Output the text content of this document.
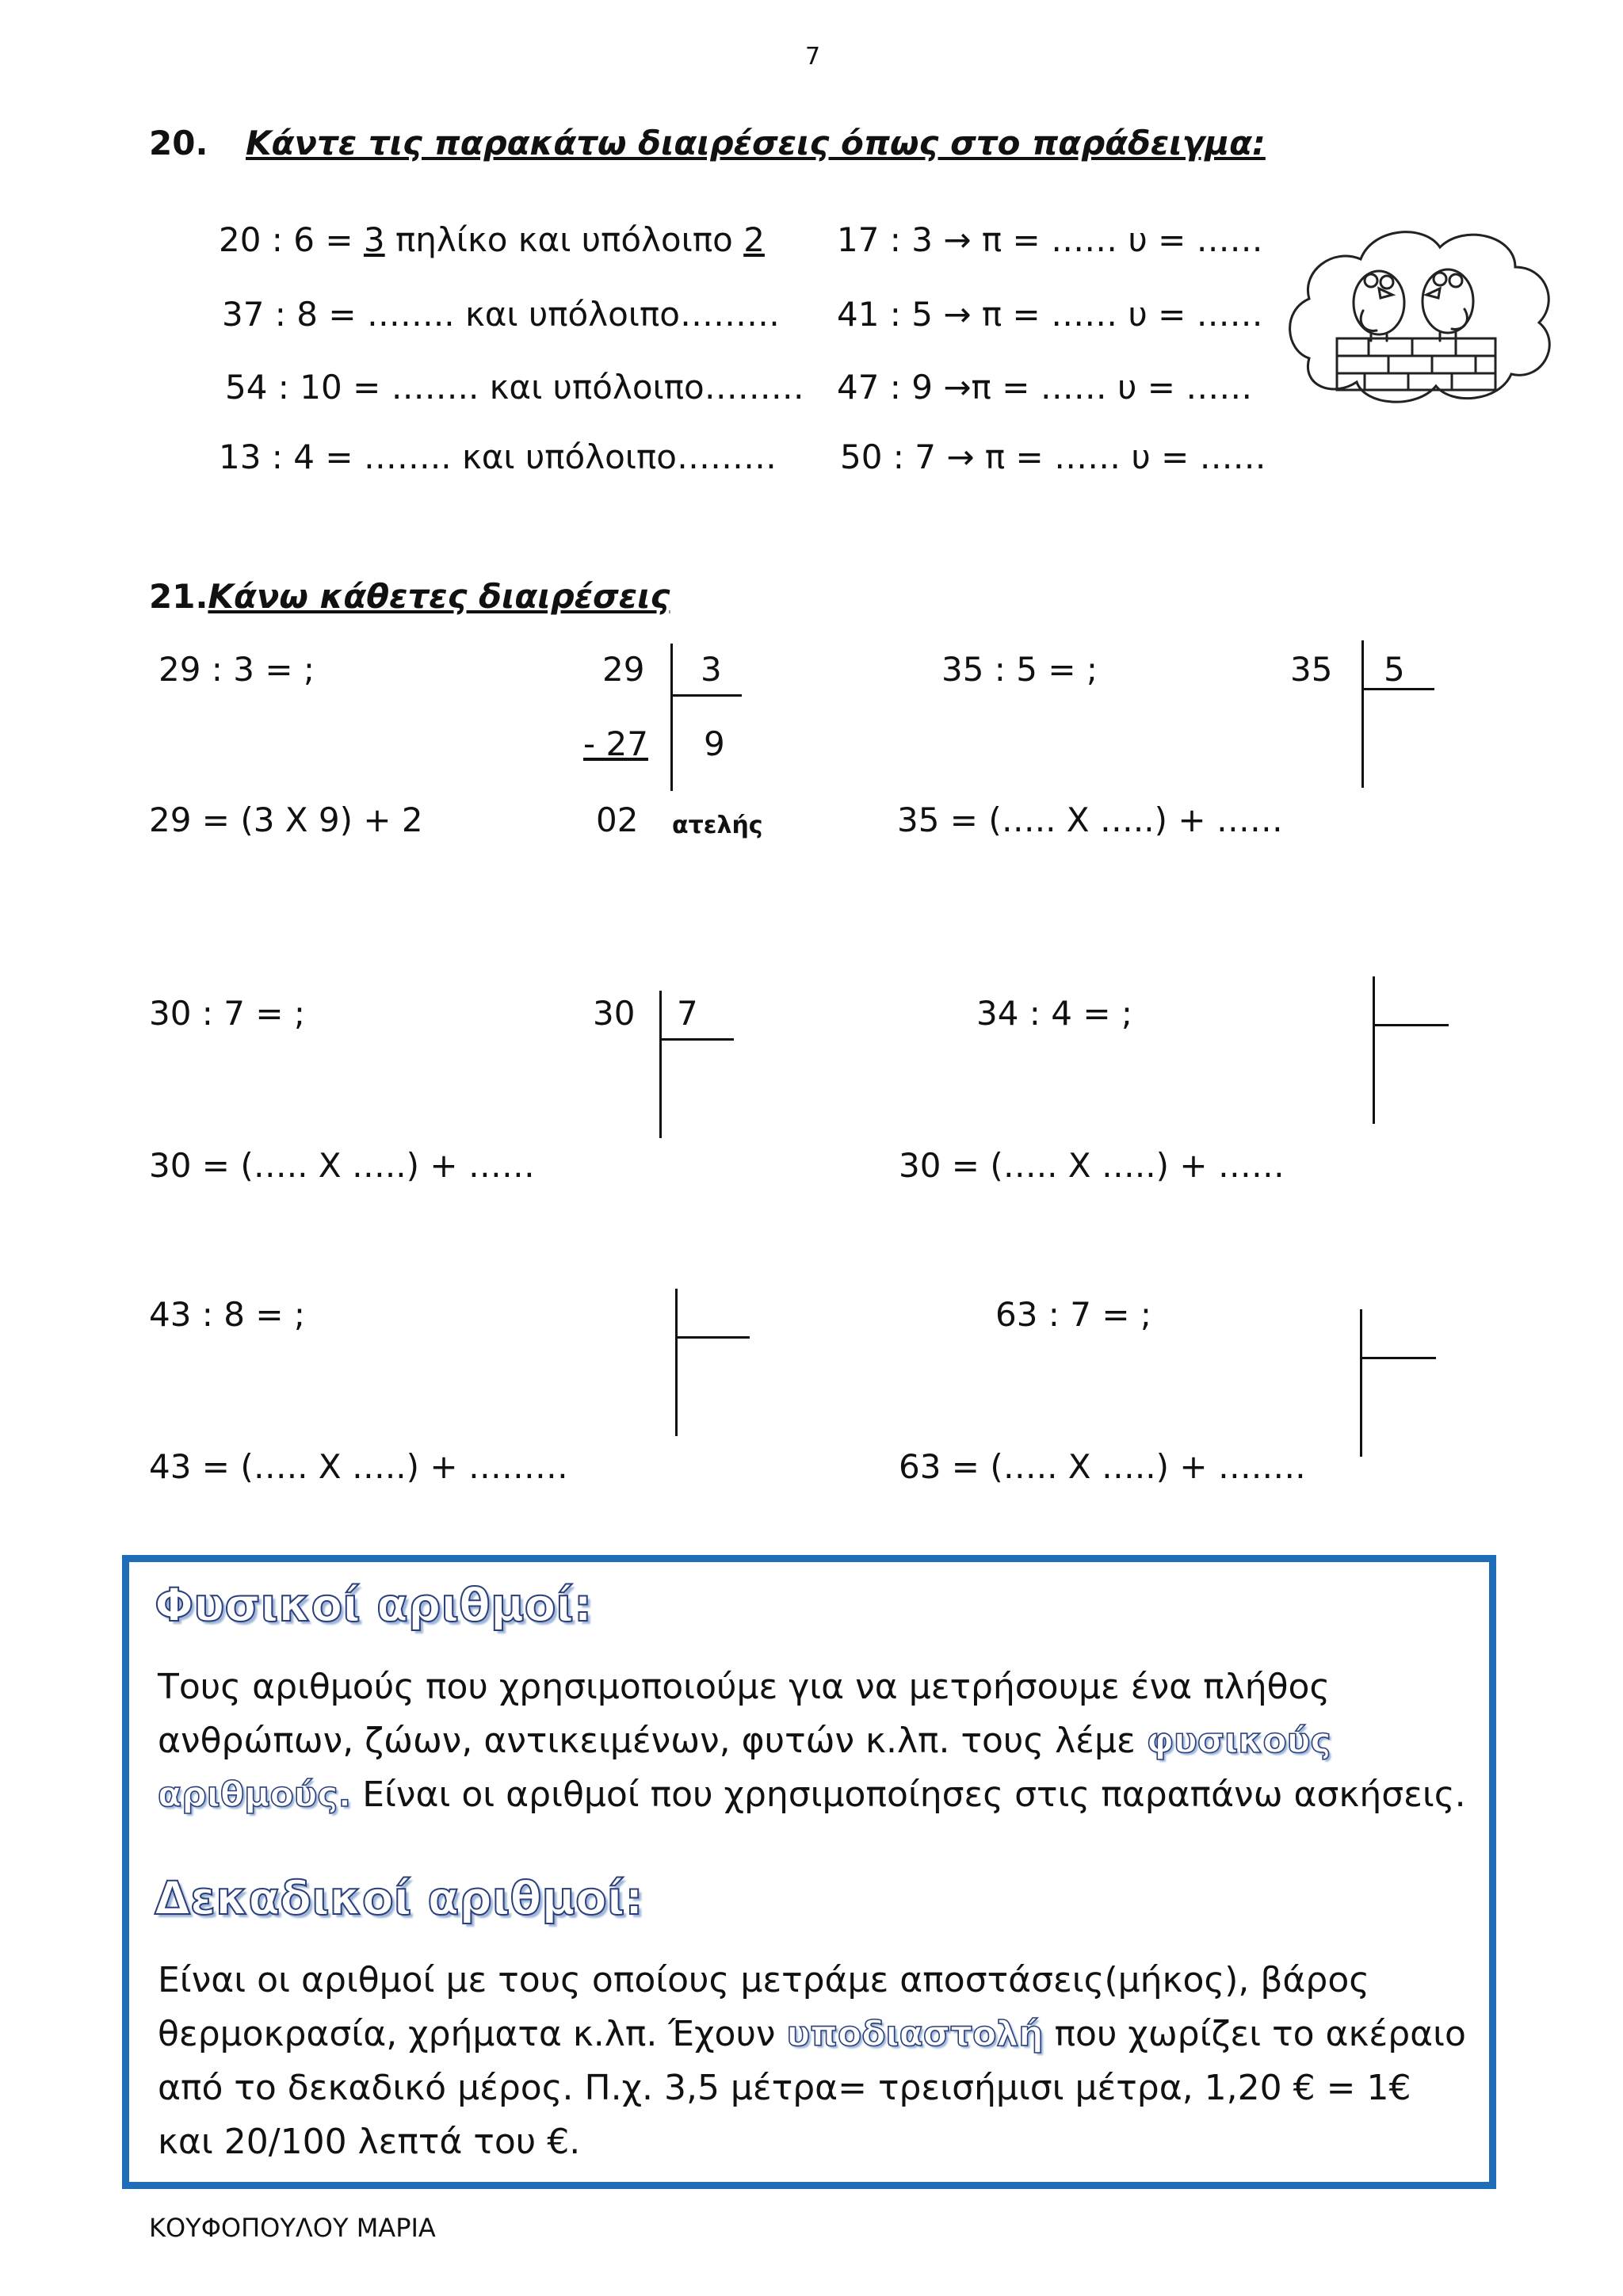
7
20. Κάντε τις παρακάτω διαιρέσεις όπως στο παράδειγμα:
20 : 6 = 3 πηλίκο και υπόλοιπο 2
37 : 8 = …….. και υπόλοιπο………
54 : 10 = …….. και υπόλοιπο………
13 : 4 = …….. και υπόλοιπο………
17 : 3 → π = …… υ = ……
41 : 5 → π = …… υ = ……
47 : 9 →π = …… υ = ……
50 : 7 → π = …… υ = ……
21.Κάνω κάθετες διαιρέσεις
29 : 3 = ;	29 3
- 27 9
29 = (3 Χ 9) + 2	02 ατελής
35 : 5 = ;	35 5
35 = (….. Χ …..) + ……
30 : 7 = ;	30 7
30 = (….. Χ …..) + ……
34 : 4 = ;
30 = (….. Χ …..) + ……
43 : 8 = ;
43 = (….. Χ …..) + ………
63 : 7 = ;
63 = (….. Χ …..) + ….….
Φυσικοί αριθμοί:
Τους αριθμούς που χρησιμοποιούμε για να μετρήσουμε ένα πλήθος ανθρώπων, ζώων, αντικειμένων, φυτών κ.λπ. τους λέμε φυσικούς αριθμούς. Είναι οι αριθμοί που χρησιμοποίησες στις παραπάνω ασκήσεις.
Δεκαδικοί αριθμοί:
Είναι οι αριθμοί με τους οποίους μετράμε αποστάσεις(μήκος), βάρος θερμοκρασία, χρήματα κ.λπ. Έχουν υποδιαστολή που χωρίζει το ακέραιο από το δεκαδικό μέρος. Π.χ. 3,5 μέτρα= τρεισήμισι μέτρα, 1,20 € = 1€ και 20/100 λεπτά του €.
ΚΟΥΦΟΠΟΥΛΟΥ ΜΑΡΙΑ
